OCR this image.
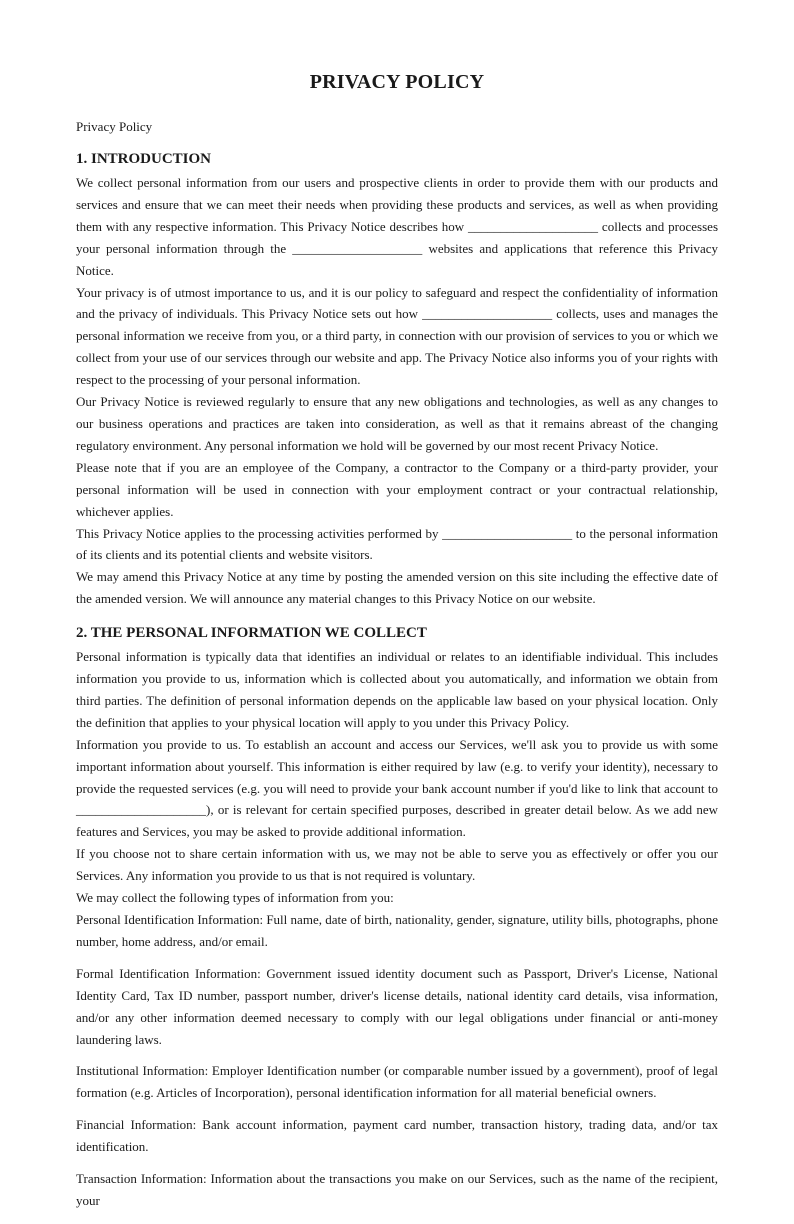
PRIVACY POLICY

Privacy Policy

1. INTRODUCTION

We collect personal information from our users and prospective clients in order to provide them with our products and services and ensure that we can meet their needs when providing these products and services, as well as when providing them with any respective information. This Privacy Notice describes how ____________________ collects and processes your personal information through the ____________________ websites and applications that reference this Privacy Notice.

Your privacy is of utmost importance to us, and it is our policy to safeguard and respect the confidentiality of information and the privacy of individuals. This Privacy Notice sets out how ____________________ collects, uses and manages the personal information we receive from you, or a third party, in connection with our provision of services to you or which we collect from your use of our services through our website and app. The Privacy Notice also informs you of your rights with respect to the processing of your personal information.

Our Privacy Notice is reviewed regularly to ensure that any new obligations and technologies, as well as any changes to our business operations and practices are taken into consideration, as well as that it remains abreast of the changing regulatory environment. Any personal information we hold will be governed by our most recent Privacy Notice.

Please note that if you are an employee of the Company, a contractor to the Company or a third-party provider, your personal information will be used in connection with your employment contract or your contractual relationship, whichever applies.

This Privacy Notice applies to the processing activities performed by ____________________ to the personal information of its clients and its potential clients and website visitors.

We may amend this Privacy Notice at any time by posting the amended version on this site including the effective date of the amended version. We will announce any material changes to this Privacy Notice on our website.

2. THE PERSONAL INFORMATION WE COLLECT

Personal information is typically data that identifies an individual or relates to an identifiable individual. This includes information you provide to us, information which is collected about you automatically, and information we obtain from third parties. The definition of personal information depends on the applicable law based on your physical location. Only the definition that applies to your physical location will apply to you under this Privacy Policy.

Information you provide to us. To establish an account and access our Services, we'll ask you to provide us with some important information about yourself. This information is either required by law (e.g. to verify your identity), necessary to provide the requested services (e.g. you will need to provide your bank account number if you'd like to link that account to ____________________), or is relevant for certain specified purposes, described in greater detail below. As we add new features and Services, you may be asked to provide additional information.

If you choose not to share certain information with us, we may not be able to serve you as effectively or offer you our Services. Any information you provide to us that is not required is voluntary.

We may collect the following types of information from you:

Personal Identification Information: Full name, date of birth, nationality, gender, signature, utility bills, photographs, phone number, home address, and/or email.

Formal Identification Information: Government issued identity document such as Passport, Driver's License, National Identity Card, Tax ID number, passport number, driver's license details, national identity card details, visa information, and/or any other information deemed necessary to comply with our legal obligations under financial or anti-money laundering laws.

Institutional Information: Employer Identification number (or comparable number issued by a government), proof of legal formation (e.g. Articles of Incorporation), personal identification information for all material beneficial owners.

Financial Information: Bank account information, payment card number, transaction history, trading data, and/or tax identification.

Transaction Information: Information about the transactions you make on our Services, such as the name of the recipient, your
